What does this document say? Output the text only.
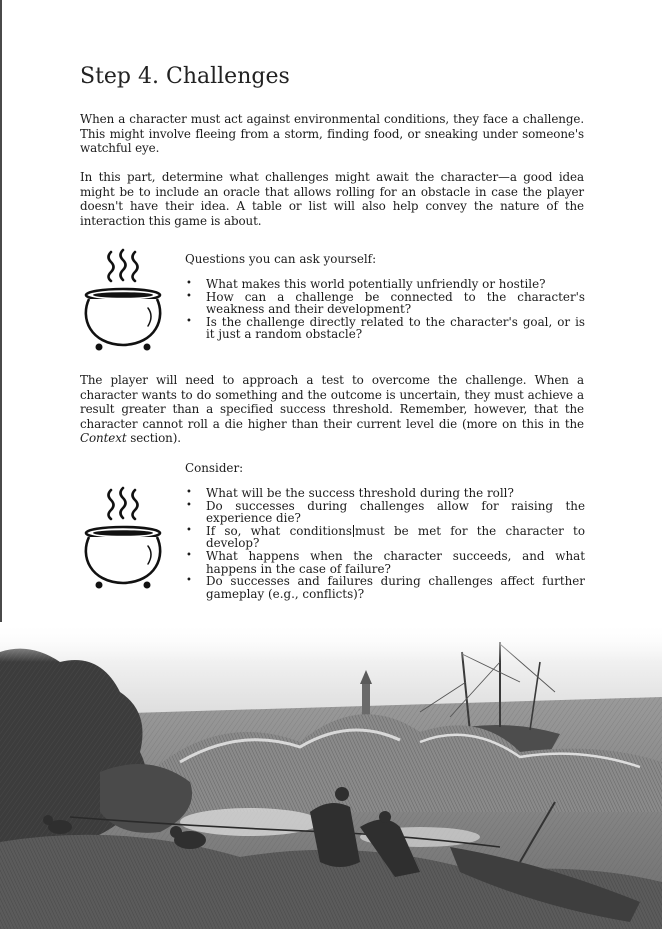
Step 4. Challenges

When a character must act against environmental conditions, they face a challenge. This might involve fleeing from a storm, finding food, or sneaking under someone's watchful eye.

In this part, determine what challenges might await the character—a good idea might be to include an oracle that allows rolling for an obstacle in case the player doesn't have their idea. A table or list will also help convey the nature of the interaction this game is about.

Questions you can ask yourself:

• What makes this world potentially unfriendly or hostile?
• How can a challenge be connected to the character's weakness and their development?
• Is the challenge directly related to the character's goal, or is it just a random obstacle?

The player will need to approach a test to overcome the challenge. When a character wants to do something and the outcome is uncertain, they must achieve a result greater than a specified success threshold. Remember, however, that the character cannot roll a die higher than their current level die (more on this in the Context section).

Consider:

• What will be the success threshold during the roll?
• Do successes during challenges allow for raising the experience die?
• If so, what conditions must be met for the character to develop?
• What happens when the character succeeds, and what happens in the case of failure?
• Do successes and failures during challenges affect further gameplay (e.g., conflicts)?
